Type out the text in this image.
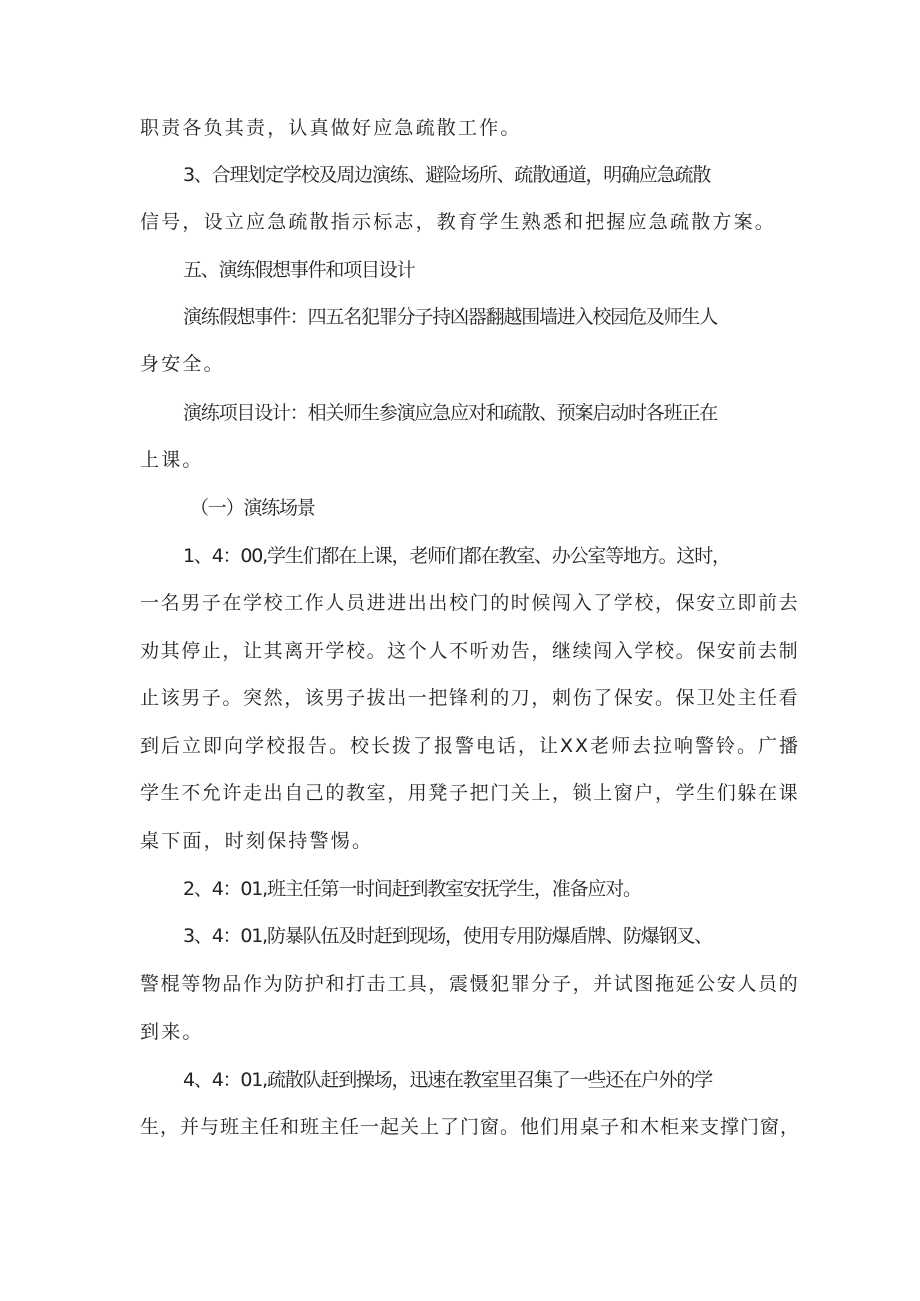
职责各负其责，认真做好应急疏散工作。

3、合理划定学校及周边演练、避险场所、疏散通道，明确应急疏散

信号，设立应急疏散指示标志，教育学生熟悉和把握应急疏散方案。

五、演练假想事件和项目设计

演练假想事件：四五名犯罪分子持凶器翻越围墙进入校园危及师生人

身安全。

演练项目设计：相关师生参演应急应对和疏散、预案启动时各班正在

上课。

（一）演练场景

1、4：00,学生们都在上课，老师们都在教室、办公室等地方。这时，

一名男子在学校工作人员进进出出校门的时候闯入了学校，保安立即前去

劝其停止，让其离开学校。这个人不听劝告，继续闯入学校。保安前去制

止该男子。突然，该男子拔出一把锋利的刀，刺伤了保安。保卫处主任看

到后立即向学校报告。校长拨了报警电话，让XX老师去拉响警铃。广播

学生不允许走出自己的教室，用凳子把门关上，锁上窗户，学生们躲在课

桌下面，时刻保持警惕。

2、4：01,班主任第一时间赶到教室安抚学生，准备应对。

3、4：01,防暴队伍及时赶到现场，使用专用防爆盾牌、防爆钢叉、

警棍等物品作为防护和打击工具，震慑犯罪分子，并试图拖延公安人员的

到来。

4、4：01,疏散队赶到操场，迅速在教室里召集了一些还在户外的学

生，并与班主任和班主任一起关上了门窗。他们用桌子和木柜来支撑门窗，
